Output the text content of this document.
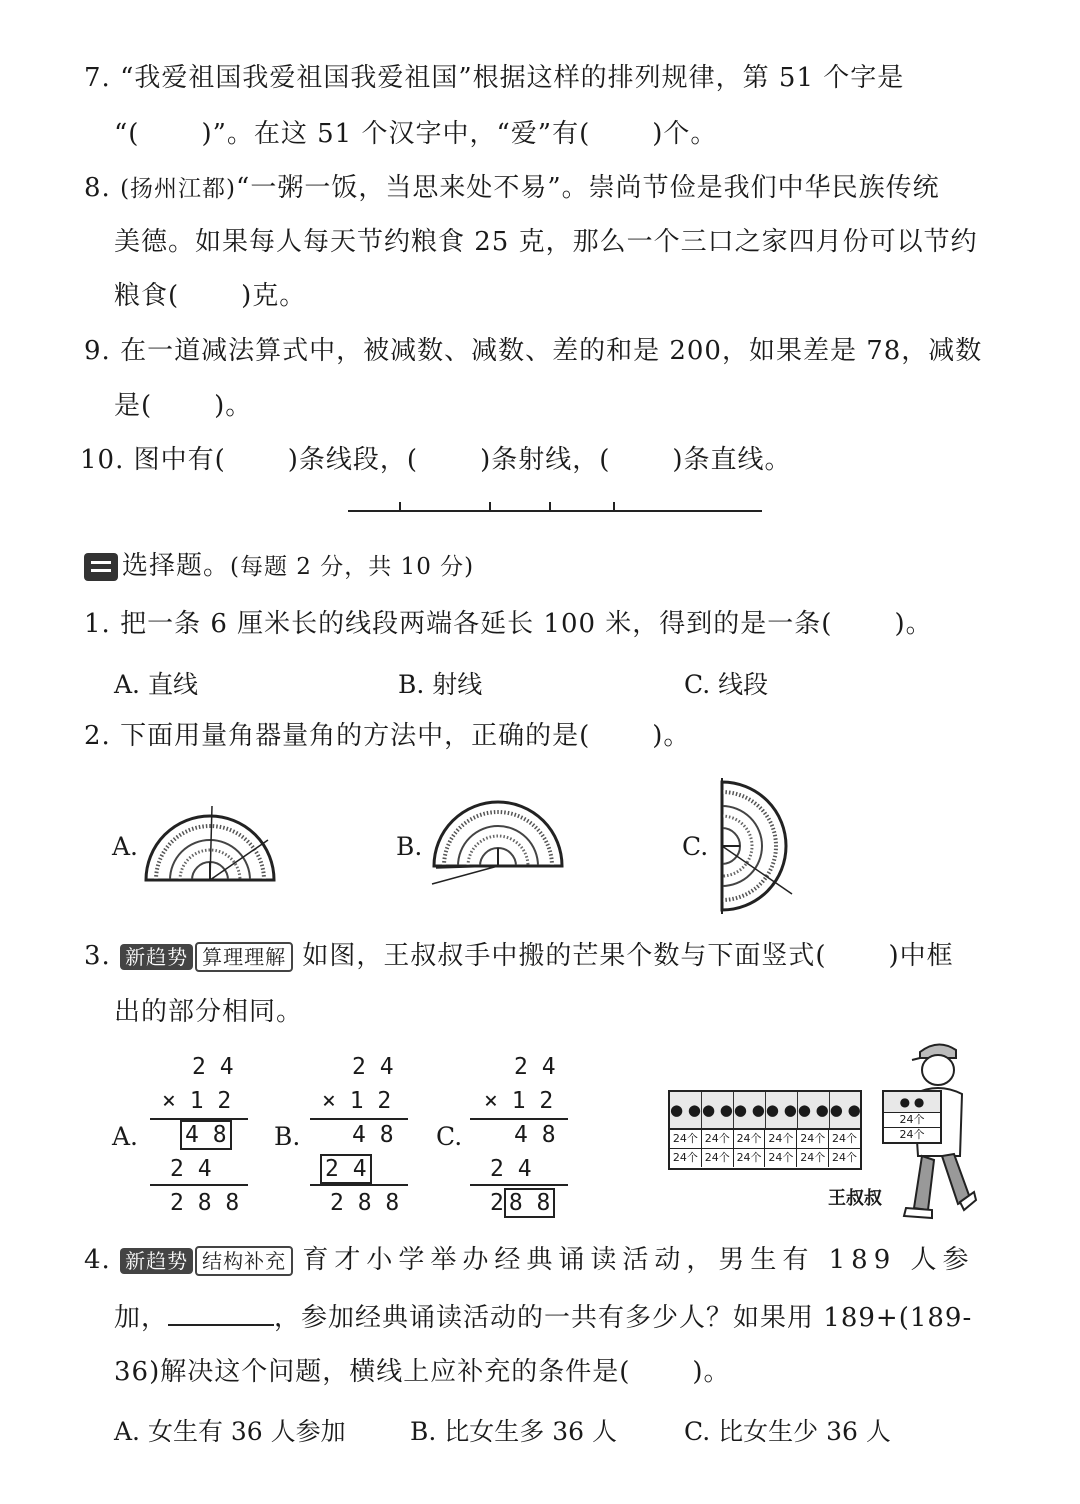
7. “我爱祖国我爱祖国我爱祖国”根据这样的排列规律，第 51 个字是
“( )”。在这 51 个汉字中，“爱”有( )个。
8. (扬州江都)“一粥一饭，当思来处不易”。崇尚节俭是我们中华民族传统
美德。如果每人每天节约粮食 25 克，那么一个三口之家四月份可以节约
粮食( )克。
9. 在一道减法算式中，被减数、减数、差的和是 200，如果差是 78，减数
是( )。
10. 图中有( )条线段，( )条射线，( )条直线。
选择题。(每题 2 分，共 10 分)
1. 把一条 6 厘米长的线段两端各延长 100 米，得到的是一条( )。
A. 直线	B. 射线	C. 线段
2. 下面用量角器量角的方法中，正确的是( )。
A.	B.	C.
3. 新趋势 算理理解 如图，王叔叔手中搬的芒果个数与下面竖式( )中框
出的部分相同。
A.
2 4
× 1 2
4 8
2 4
2 8 8
B.
2 4
× 1 2
4 8
2 4
2 8 8
C.
2 4
× 1 2
4 8
2 4
2 8 8
● ● ● ● ● ● ● ● ● ● ● ●
24个 24个 24个 24个 24个 24个
24个 24个 24个 24个 24个 24个
● ●
24个
24个
王叔叔
4. 新趋势 结构补充 育才小学举办经典诵读活动，男生有 189 人参
加，	，参加经典诵读活动的一共有多少人？如果用 189+(189-
36)解决这个问题，横线上应补充的条件是( )。
A. 女生有 36 人参加	B. 比女生多 36 人	C. 比女生少 36 人
